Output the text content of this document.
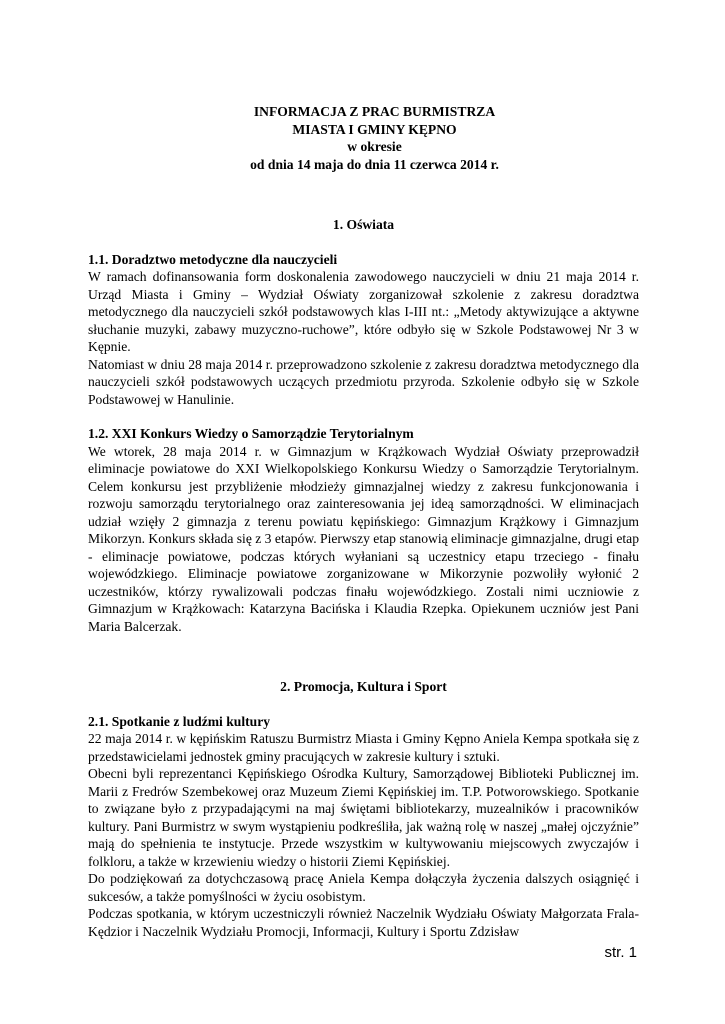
INFORMACJA Z PRAC BURMISTRZA
MIASTA I GMINY KĘPNO
w okresie
od dnia 14 maja do dnia 11 czerwca 2014 r.
1. Oświata
1.1. Doradztwo metodyczne dla nauczycieli

W ramach dofinansowania form doskonalenia zawodowego nauczycieli w dniu 21 maja 2014 r. Urząd Miasta i Gminy – Wydział Oświaty zorganizował szkolenie z zakresu doradztwa metodycznego dla nauczycieli szkół podstawowych klas I-III nt.: „Metody aktywizujące a aktywne słuchanie muzyki, zabawy muzyczno-ruchowe”, które odbyło się w Szkole Podstawowej Nr 3 w Kępnie.

Natomiast w dniu 28 maja 2014 r. przeprowadzono szkolenie z zakresu doradztwa metodycznego dla nauczycieli szkół podstawowych uczących przedmiotu przyroda. Szkolenie odbyło się w Szkole Podstawowej w Hanulinie.

1.2. XXI Konkurs Wiedzy o Samorządzie Terytorialnym

We wtorek, 28 maja 2014 r. w Gimnazjum w Krążkowach Wydział Oświaty przeprowadził eliminacje powiatowe do XXI Wielkopolskiego Konkursu Wiedzy o Samorządzie Terytorialnym. Celem konkursu jest przybliżenie młodzieży gimnazjalnej wiedzy z zakresu funkcjonowania i rozwoju samorządu terytorialnego oraz zainteresowania jej ideą samorządności. W eliminacjach udział wzięły 2 gimnazja z terenu powiatu kępińskiego: Gimnazjum Krążkowy i Gimnazjum Mikorzyn. Konkurs składa się z 3 etapów. Pierwszy etap stanowią eliminacje gimnazjalne, drugi etap - eliminacje powiatowe, podczas których wyłaniani są uczestnicy etapu trzeciego - finału wojewódzkiego. Eliminacje powiatowe zorganizowane w Mikorzynie pozwoliły wyłonić 2 uczestników, którzy rywalizowali podczas finału wojewódzkiego. Zostali nimi uczniowie z Gimnazjum w Krążkowach: Katarzyna Bacińska i Klaudia Rzepka. Opiekunem uczniów jest Pani Maria Balcerzak.

2. Promocja, Kultura i Sport
2.1. Spotkanie z ludźmi kultury

22 maja 2014 r. w kępińskim Ratuszu Burmistrz Miasta i Gminy Kępno Aniela Kempa spotkała się z przedstawicielami jednostek gminy pracujących w zakresie kultury i sztuki.

Obecni byli reprezentanci Kępińskiego Ośrodka Kultury, Samorządowej Biblioteki Publicznej im. Marii z Fredrów Szembekowej oraz Muzeum Ziemi Kępińskiej im. T.P. Potworowskiego. Spotkanie to związane było z przypadającymi na maj świętami bibliotekarzy, muzealników i pracowników kultury. Pani Burmistrz w swym wystąpieniu podkreśliła, jak ważną rolę w naszej „małej ojczyźnie” mają do spełnienia te instytucje. Przede wszystkim w kultywowaniu miejscowych zwyczajów i folkloru, a także w krzewieniu wiedzy o historii Ziemi Kępińskiej.

Do podziękowań za dotychczasową pracę Aniela Kempa dołączyła życzenia dalszych osiągnięć i sukcesów, a także pomyślności w życiu osobistym.

Podczas spotkania, w którym uczestniczyli również Naczelnik Wydziału Oświaty Małgorzata Frala-Kędzior i Naczelnik Wydziału Promocji, Informacji, Kultury i Sportu Zdzisław

str. 1
